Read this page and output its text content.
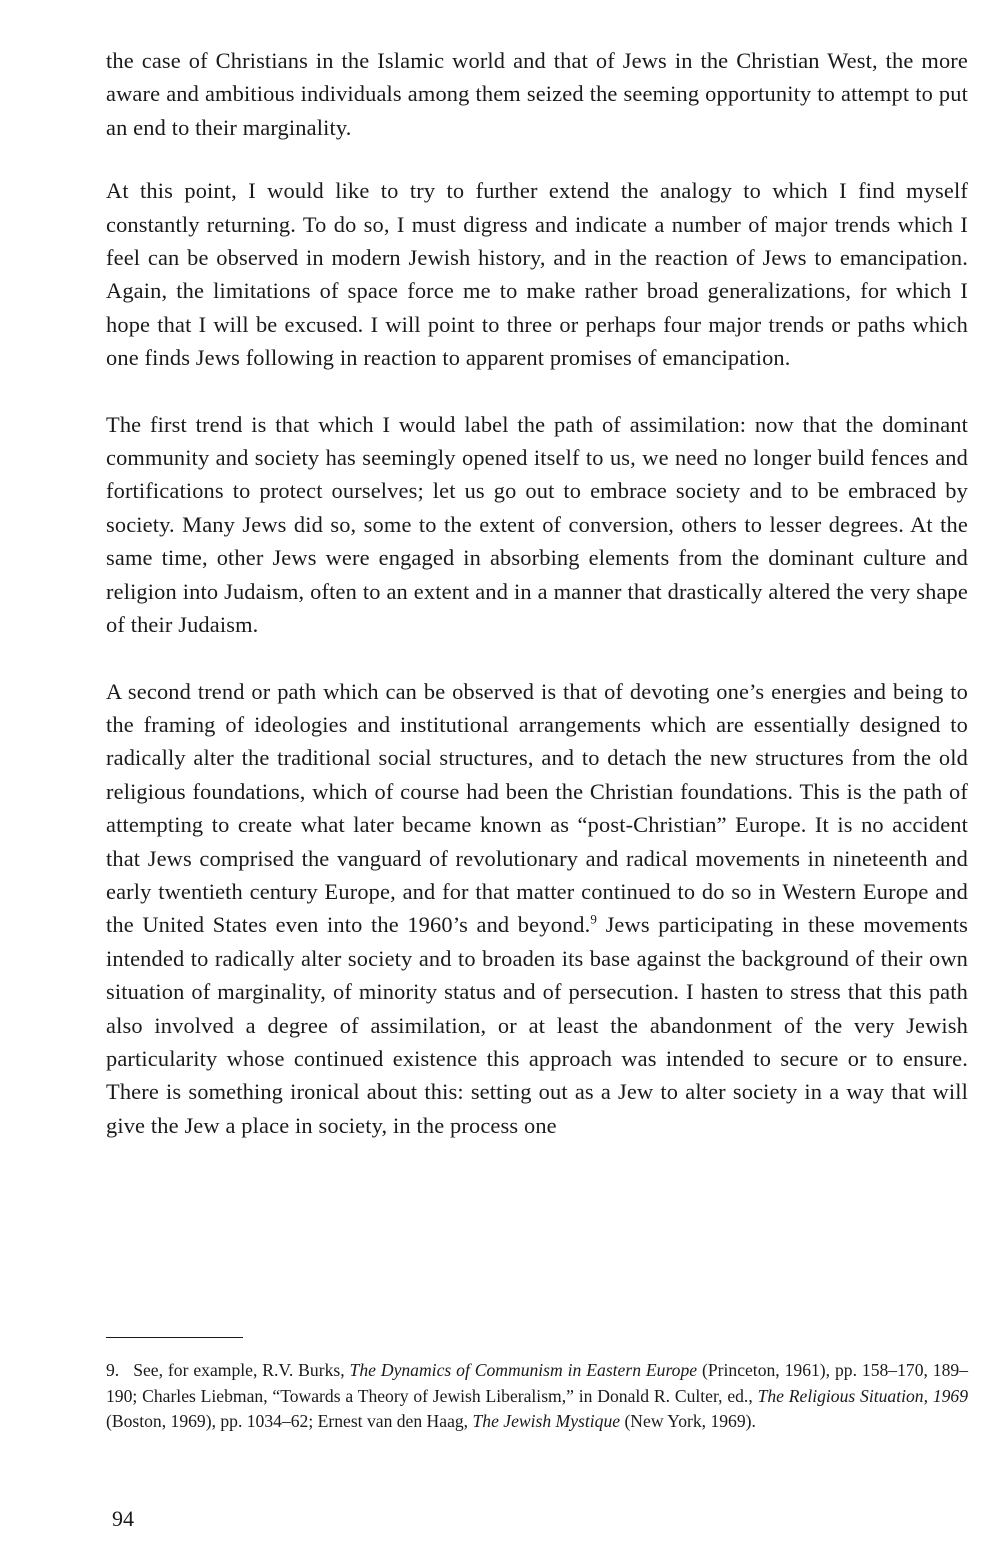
the case of Christians in the Islamic world and that of Jews in the Christian West, the more aware and ambitious individuals among them seized the seeming opportunity to attempt to put an end to their marginality.

At this point, I would like to try to further extend the analogy to which I find myself constantly returning. To do so, I must digress and indicate a number of major trends which I feel can be observed in modern Jewish history, and in the reaction of Jews to emancipation. Again, the limitations of space force me to make rather broad generalizations, for which I hope that I will be excused. I will point to three or perhaps four major trends or paths which one finds Jews following in reaction to apparent promises of emancipation.

The first trend is that which I would label the path of assimilation: now that the dominant community and society has seemingly opened itself to us, we need no longer build fences and fortifications to protect ourselves; let us go out to embrace society and to be embraced by society. Many Jews did so, some to the extent of conversion, others to lesser degrees. At the same time, other Jews were engaged in absorbing elements from the dominant culture and religion into Judaism, often to an extent and in a manner that drastically altered the very shape of their Judaism.

A second trend or path which can be observed is that of devoting one’s energies and being to the framing of ideologies and institutional arrangements which are essentially designed to radically alter the traditional social structures, and to detach the new structures from the old religious foundations, which of course had been the Christian foundations. This is the path of attempting to create what later became known as “post-Christian” Europe. It is no accident that Jews comprised the vanguard of revolutionary and radical movements in nineteenth and early twentieth century Europe, and for that matter continued to do so in Western Europe and the United States even into the 1960’s and beyond.$^9$ Jews participating in these movements intended to radically alter society and to broaden its base against the background of their own situation of marginality, of minority status and of persecution. I hasten to stress that this path also involved a degree of assimilation, or at least the abandonment of the very Jewish particularity whose continued existence this approach was intended to secure or to ensure. There is something ironical about this: setting out as a Jew to alter society in a way that will give the Jew a place in society, in the process one

9. See, for example, R.V. Burks, The Dynamics of Communism in Eastern Europe (Princeton, 1961), pp. 158–170, 189–190; Charles Liebman, “Towards a Theory of Jewish Liberalism,” in Donald R. Culter, ed., The Religious Situation, 1969 (Boston, 1969), pp. 1034–62; Ernest van den Haag, The Jewish Mystique (New York, 1969).
94
